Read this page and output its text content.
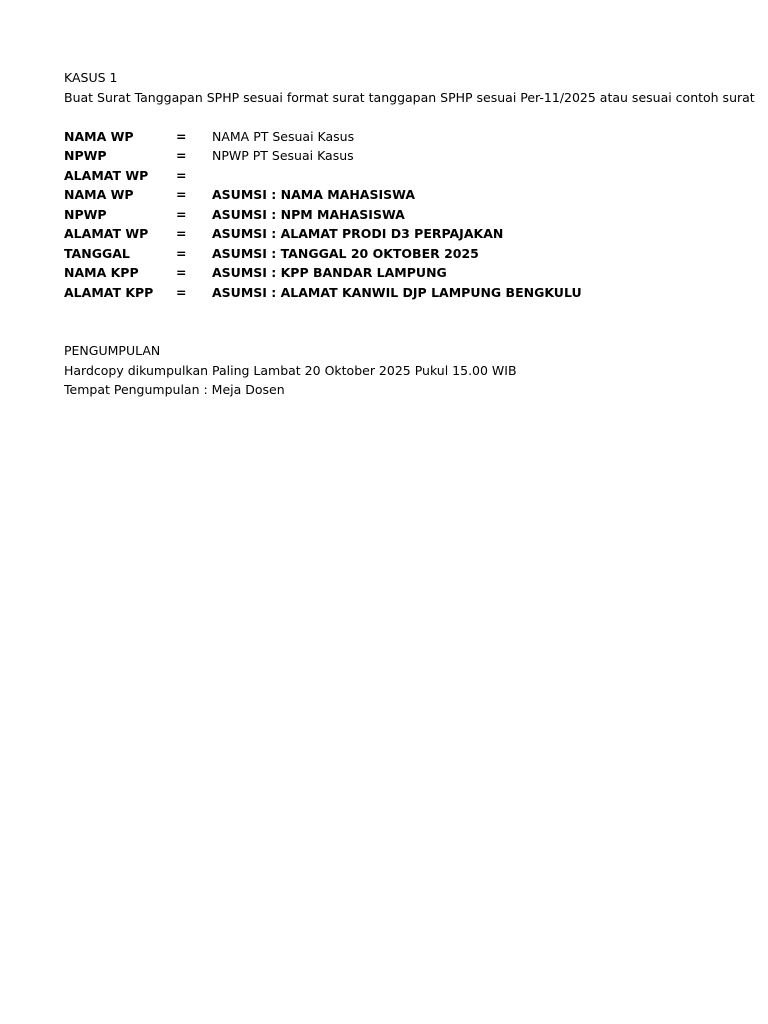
KASUS 1
Buat Surat Tanggapan SPHP sesuai format surat tanggapan SPHP sesuai Per-11/2025 atau sesuai contoh surat
NAMA WP	=	NAMA PT Sesuai Kasus
NPWP	=	NPWP PT Sesuai Kasus
ALAMAT WP	=
NAMA WP	=	ASUMSI : NAMA MAHASISWA
NPWP	=	ASUMSI : NPM MAHASISWA
ALAMAT WP	=	ASUMSI : ALAMAT PRODI D3 PERPAJAKAN
TANGGAL	=	ASUMSI : TANGGAL 20 OKTOBER 2025
NAMA KPP	=	ASUMSI : KPP BANDAR LAMPUNG
ALAMAT KPP	=	ASUMSI : ALAMAT KANWIL DJP LAMPUNG BENGKULU
PENGUMPULAN
Hardcopy dikumpulkan Paling Lambat 20 Oktober 2025 Pukul 15.00 WIB
Tempat Pengumpulan : Meja Dosen
